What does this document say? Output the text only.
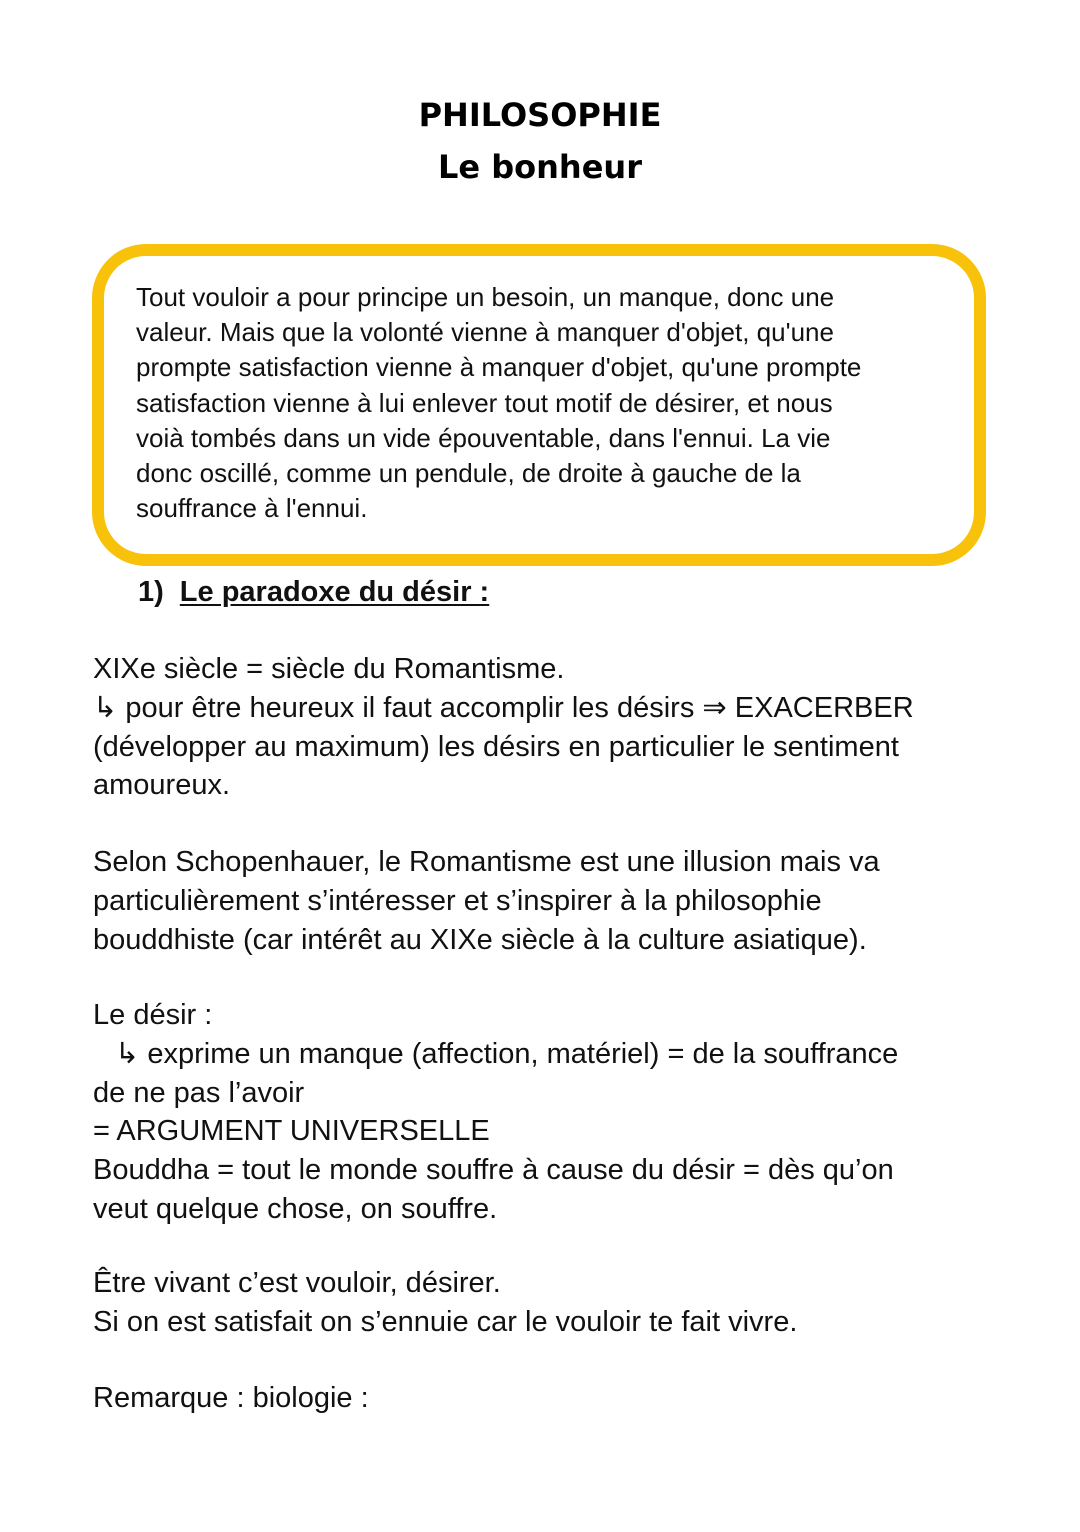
PHILOSOPHIE
Le bonheur

Tout vouloir a pour principe un besoin, un manque, donc une
valeur. Mais que la volonté vienne à manquer d'objet, qu'une
prompte satisfaction vienne à manquer d'objet, qu'une prompte
satisfaction vienne à lui enlever tout motif de désirer, et nous
voià tombés dans un vide épouventable, dans l'ennui. La vie
donc oscillé, comme un pendule, de droite à gauche de la
souffrance à l'ennui.

1) Le paradoxe du désir :

XIXe siècle = siècle du Romantisme.
↳ pour être heureux il faut accomplir les désirs ⇒ EXACERBER
(développer au maximum) les désirs en particulier le sentiment
amoureux.

Selon Schopenhauer, le Romantisme est une illusion mais va
particulièrement s’intéresser et s’inspirer à la philosophie
bouddhiste (car intérêt au XIXe siècle à la culture asiatique).

Le désir :
↳ exprime un manque (affection, matériel) = de la souffrance
de ne pas l’avoir
= ARGUMENT UNIVERSELLE
Bouddha = tout le monde souffre à cause du désir = dès qu’on
veut quelque chose, on souffre.

Être vivant c’est vouloir, désirer.
Si on est satisfait on s’ennuie car le vouloir te fait vivre.

Remarque : biologie :
